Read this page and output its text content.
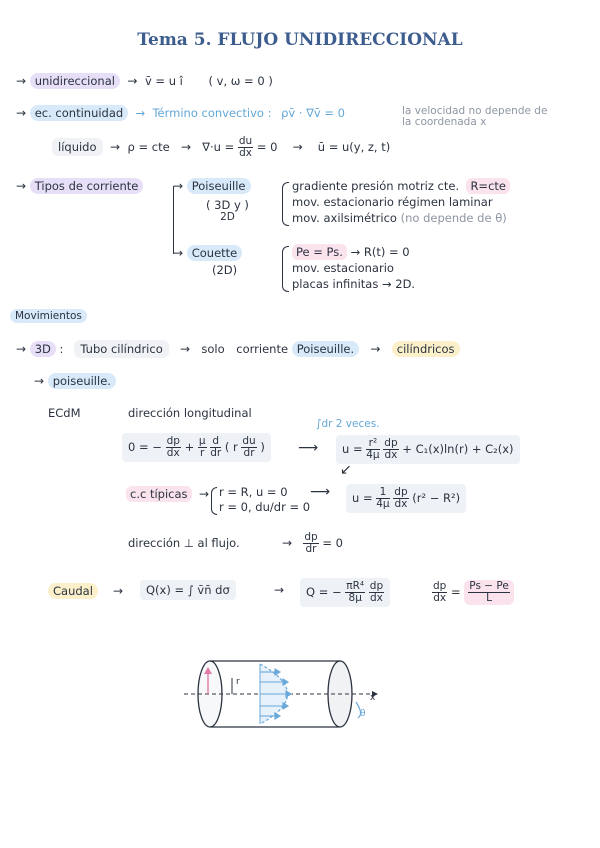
Tema 5. FLUJO UNIDIRECCIONAL
→ unidireccional  →  v̄ = u î ( v, ω = 0 )
→ ec. continuidad  →  Término convectivo : ρv̄ · ∇v̄ = 0	la velocidad no depende de
la coordenada x
líquido  →  ρ = cte   →   $\nabla\cdot u = \frac{du}{dx} = 0$    →    ū = u(y, z, t)
→ Tipos de corriente	→ Poiseuille
( 3D y )
2D
gradiente presión motriz cte. R=cte
mov. estacionario régimen laminar
mov. axilsimétrico (no depende de θ)
→ Couette
(2D)
Pe = Ps. → R(t) = 0
mov. estacionario
placas infinitas → 2D.
Movimientos
→ 3D :   Tubo cilíndrico   →   solo corriente Poiseuille.   →   cilíndricos
→ poiseuille.
ECdM	dirección longitudinal
0 = − $\frac{dp}{dx} + \frac{\mu}{r}$
$\frac{d}{dr}$ ( r $\frac{du}{dr}$ )
∫dr 2 veces.
⟶	$u = \frac{\text{r²}}{4\mu}$
$\frac{dp}{dx} + C_1(x)\ln(r) + C_2(x)$
↙
c.c típicas  → r = R, u = 0
r = 0, du/dr = 0
⟶	$u = \frac{1}{4\mu}$
$\frac{dp}{dx} (r^2 - R^2)$
dirección ⊥ al flujo.	→ $\frac{dp}{dr} = 0$
Caudal    → Q(x) = ∫ v̄n̄ dσ	→	Q = − $\frac{\text{πR⁴}}{8\mu}$
$\frac{dp}{dx}$	$\frac{dp}{dx} = \frac{Ps - Pe}{L}$
r
x
θ
